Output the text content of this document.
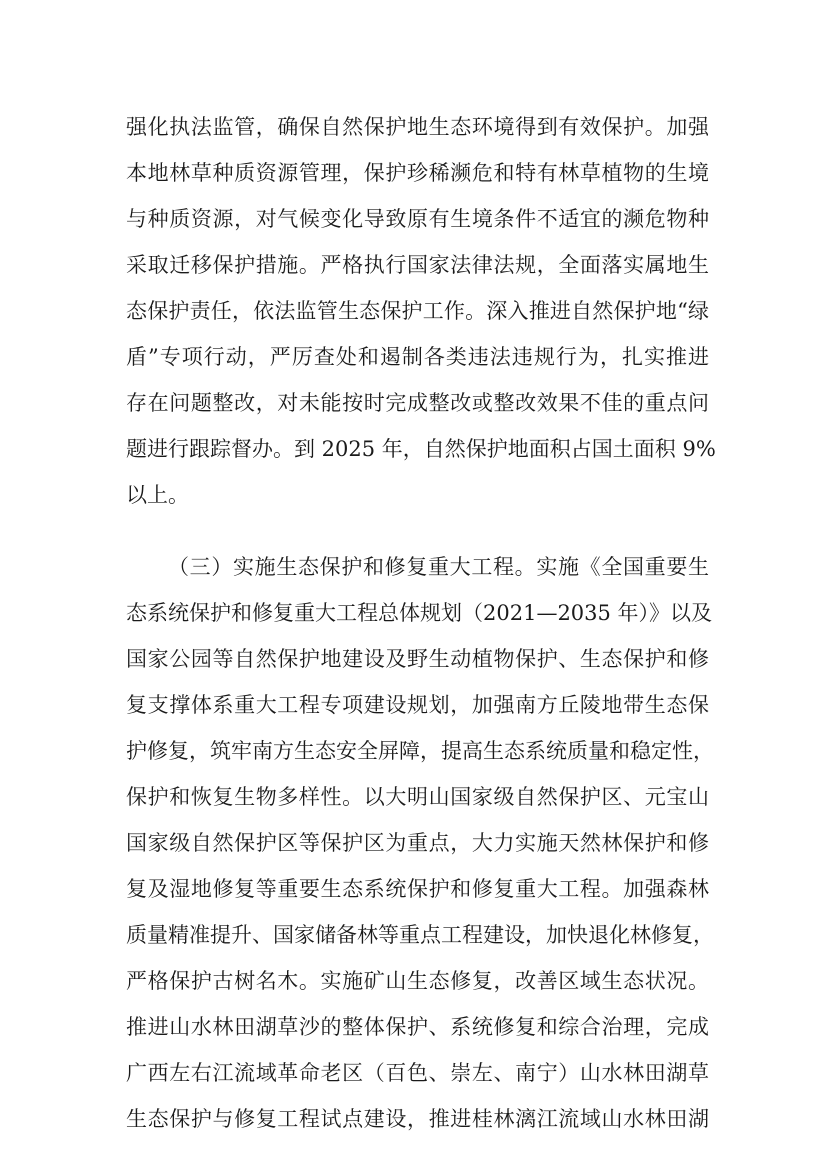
强化执法监管，确保自然保护地生态环境得到有效保护。加强
本地林草种质资源管理，保护珍稀濒危和特有林草植物的生境
与种质资源，对气候变化导致原有生境条件不适宜的濒危物种
采取迁移保护措施。严格执行国家法律法规，全面落实属地生
态保护责任，依法监管生态保护工作。深入推进自然保护地“绿
盾”专项行动，严厉查处和遏制各类违法违规行为，扎实推进
存在问题整改，对未能按时完成整改或整改效果不佳的重点问
题进行跟踪督办。到 2025 年，自然保护地面积占国土面积 9%
以上。
（三）实施生态保护和修复重大工程。实施《全国重要生
态系统保护和修复重大工程总体规划（2021—2035 年）》以及
国家公园等自然保护地建设及野生动植物保护、生态保护和修
复支撑体系重大工程专项建设规划，加强南方丘陵地带生态保
护修复，筑牢南方生态安全屏障，提高生态系统质量和稳定性，
保护和恢复生物多样性。以大明山国家级自然保护区、元宝山
国家级自然保护区等保护区为重点，大力实施天然林保护和修
复及湿地修复等重要生态系统保护和修复重大工程。加强森林
质量精准提升、国家储备林等重点工程建设，加快退化林修复，
严格保护古树名木。实施矿山生态修复，改善区域生态状况。
推进山水林田湖草沙的整体保护、系统修复和综合治理，完成
广西左右江流域革命老区（百色、崇左、南宁）山水林田湖草
生态保护与修复工程试点建设，推进桂林漓江流域山水林田湖
